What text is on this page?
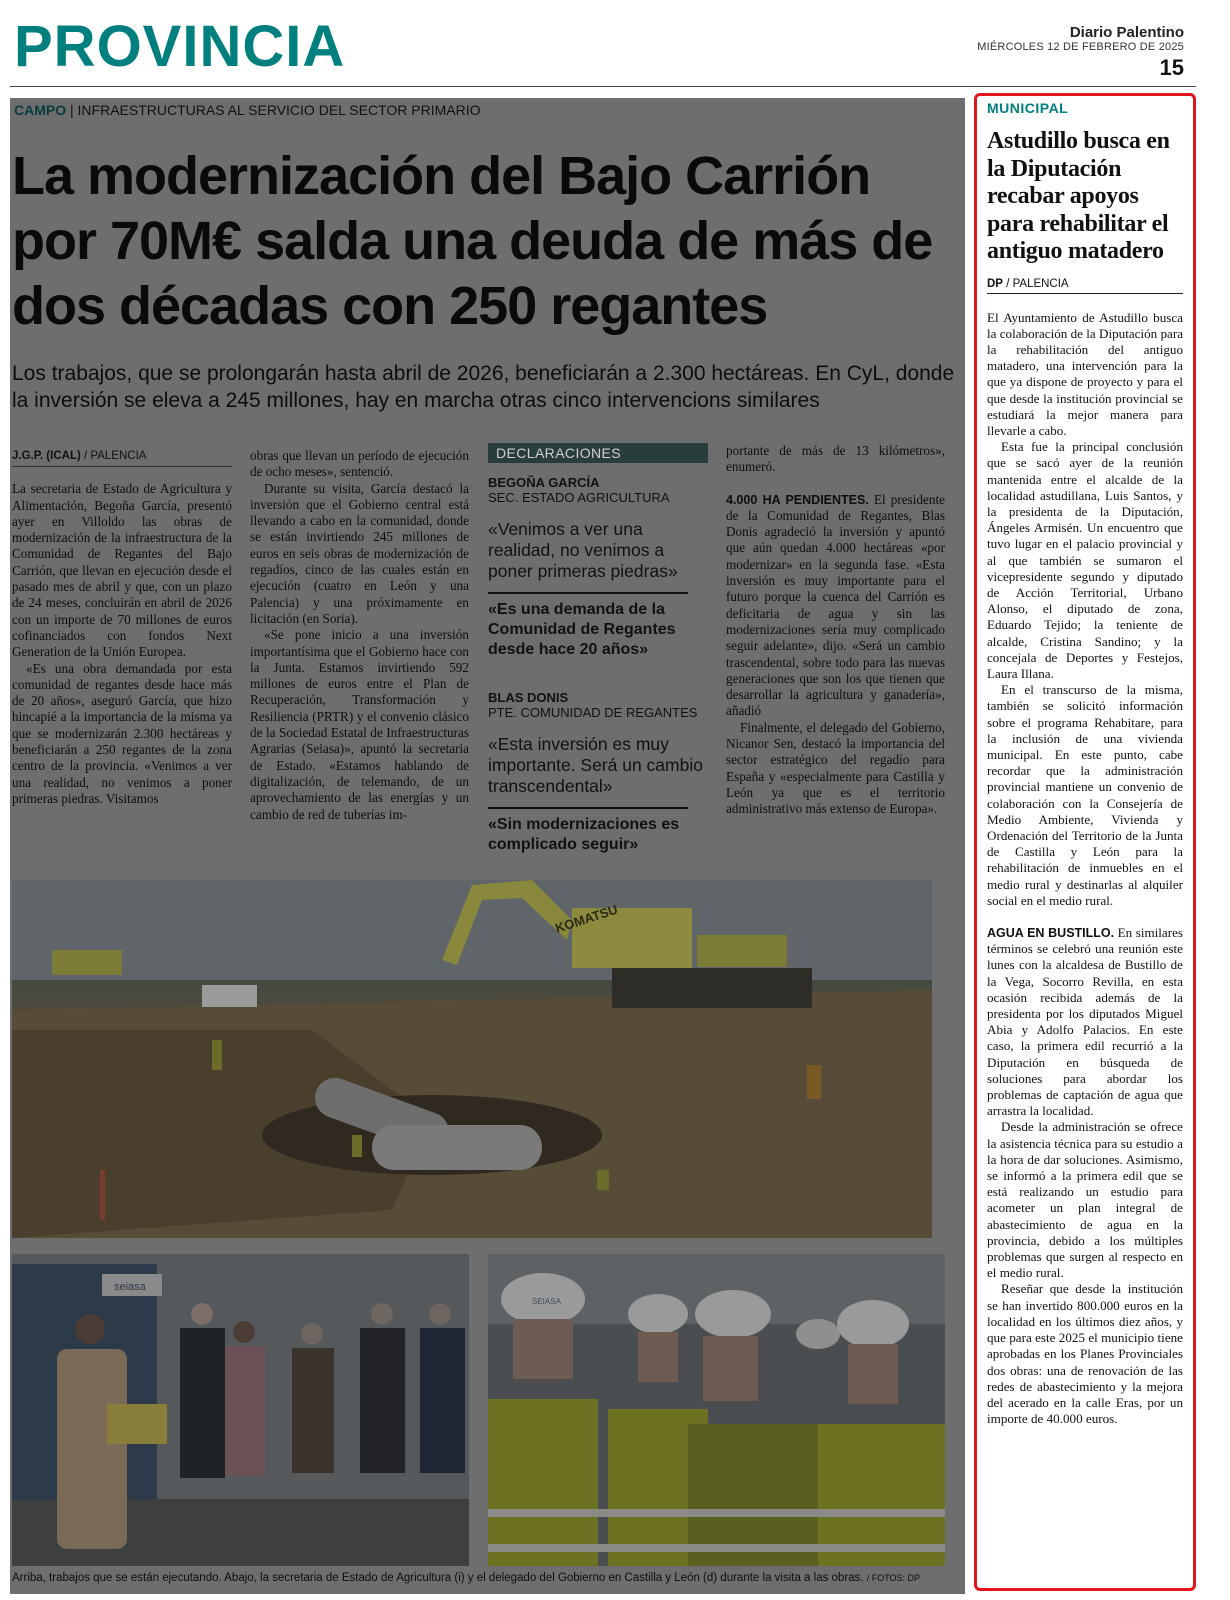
PROVINCIA	Diario Palentino
MIÉRCOLES 12 DE FEBRERO DE 2025
15
CAMPO | INFRAESTRUCTURAS AL SERVICIO DEL SECTOR PRIMARIO
La modernización del Bajo Carrión por 70M€ salda una deuda de más de dos décadas con 250 regantes
Los trabajos, que se prolongarán hasta abril de 2026, beneficiarán a 2.300 hectáreas. En CyL, donde la inversión se eleva a 245 millones, hay en marcha otras cinco intervencions similares
J.G.P. (ICAL) / PALENCIA

La secretaria de Estado de Agricultura y Alimentación, Begoña García, presentó ayer en Villoldo las obras de modernización de la infraestructura de la Comunidad de Regantes del Bajo Carrión, que llevan en ejecución desde el pasado mes de abril y que, con un plazo de 24 meses, concluirán en abril de 2026 con un importe de 70 millones de euros cofinanciados con fondos Next Generation de la Unión Europea.

«Es una obra demandada por esta comunidad de regantes desde hace más de 20 años», aseguró García, que hizo hincapié a la importancia de la misma ya que se modernizarán 2.300 hectáreas y beneficiarán a 250 regantes de la zona centro de la provincia. «Venimos a ver una realidad, no venimos a poner primeras piedras. Visitamos

obras que llevan un período de ejecución de ocho meses», sentenció.

Durante su visita, García destacó la inversión que el Gobierno central está llevando a cabo en la comunidad, donde se están invirtiendo 245 millones de euros en seis obras de modernización de regadíos, cinco de las cuales están en ejecución (cuatro en León y una Palencia) y una próximamente en licitación (en Soria).

«Se pone inicio a una inversión importantísima que el Gobierno hace con la Junta. Estamos invirtiendo 592 millones de euros entre el Plan de Recuperación, Transformación y Resiliencia (PRTR) y el convenio clásico de la Sociedad Estatal de Infraestructuras Agrarias (Seiasa)», apuntó la secretaria de Estado. «Estamos hablando de digitalización, de telemando, de un aprovechamiento de las energías y un cambio de red de tuberías im-

DECLARACIONES
BEGOÑA GARCÍA
SEC. ESTADO AGRICULTURA
«Venimos a ver una realidad, no venimos a poner primeras piedras»
«Es una demanda de la Comunidad de Regantes desde hace 20 años»
BLAS DONIS
PTE. COMUNIDAD DE REGANTES
«Esta inversión es muy importante. Será un cambio transcendental»
«Sin modernizaciones es complicado seguir»

portante de más de 13 kilómetros», enumeró.

4.000 HA PENDIENTES. El presidente de la Comunidad de Regantes, Blas Donis agradeció la inversión y apuntó que aún quedan 4.000 hectáreas «por modernizar» en la segunda fase. «Esta inversión es muy importante para el futuro porque la cuenca del Carrión es deficitaria de agua y sin las modernizaciones sería muy complicado seguir adelante», dijo. «Será un cambio trascendental, sobre todo para las nuevas generaciones que son los que tienen que desarrollar la agricultura y ganadería», añadió

Finalmente, el delegado del Gobierno, Nicanor Sen, destacó la importancia del sector estratégico del regadío para España y «especialmente para Castilla y León ya que es el territorio administrativo más extenso de Europa».

KOMATSU
seiasa
SEIASA
Arriba, trabajos que se están ejecutando. Abajo, la secretaria de Estado de Agricultura (i) y el delegado del Gobierno en Castilla y León (d) durante la visita a las obras. / FOTOS: DP
MUNICIPAL
Astudillo busca en la Diputación recabar apoyos para rehabilitar el antiguo matadero
DP / PALENCIA

El Ayuntamiento de Astudillo busca la colaboración de la Diputación para la rehabilitación del antiguo matadero, una intervención para la que ya dispone de proyecto y para el que desde la institución provincial se estudiará la mejor manera para llevarle a cabo.

Esta fue la principal conclusión que se sacó ayer de la reunión mantenida entre el alcalde de la localidad astudillana, Luis Santos, y la presidenta de la Diputación, Ángeles Armisén. Un encuentro que tuvo lugar en el palacio provincial y al que también se sumaron el vicepresidente segundo y diputado de Acción Territorial, Urbano Alonso, el diputado de zona, Eduardo Tejido; la teniente de alcalde, Cristina Sandino; y la concejala de Deportes y Festejos, Laura Illana.

En el transcurso de la misma, también se solicitó información sobre el programa Rehabitare, para la inclusión de una vivienda municipal. En este punto, cabe recordar que la administración provincial mantiene un convenio de colaboración con la Consejería de Medio Ambiente, Vivienda y Ordenación del Territorio de la Junta de Castilla y León para la rehabilitación de inmuebles en el medio rural y destinarlas al alquiler social en el medio rural.

AGUA EN BUSTILLO. En similares términos se celebró una reunión este lunes con la alcaldesa de Bustillo de la Vega, Socorro Revilla, en esta ocasión recibida además de la presidenta por los diputados Miguel Abia y Adolfo Palacios. En este caso, la primera edil recurrió a la Diputación en búsqueda de soluciones para abordar los problemas de captación de agua que arrastra la localidad.

Desde la administración se ofrece la asistencia técnica para su estudio a la hora de dar soluciones. Asimismo, se informó a la primera edil que se está realizando un estudio para acometer un plan integral de abastecimiento de agua en la provincia, debido a los múltiples problemas que surgen al respecto en el medio rural.

Reseñar que desde la institución se han invertido 800.000 euros en la localidad en los últimos diez años, y que para este 2025 el municipio tiene aprobadas en los Planes Provinciales dos obras: una de renovación de las redes de abastecimiento y la mejora del acerado en la calle Eras, por un importe de 40.000 euros.
